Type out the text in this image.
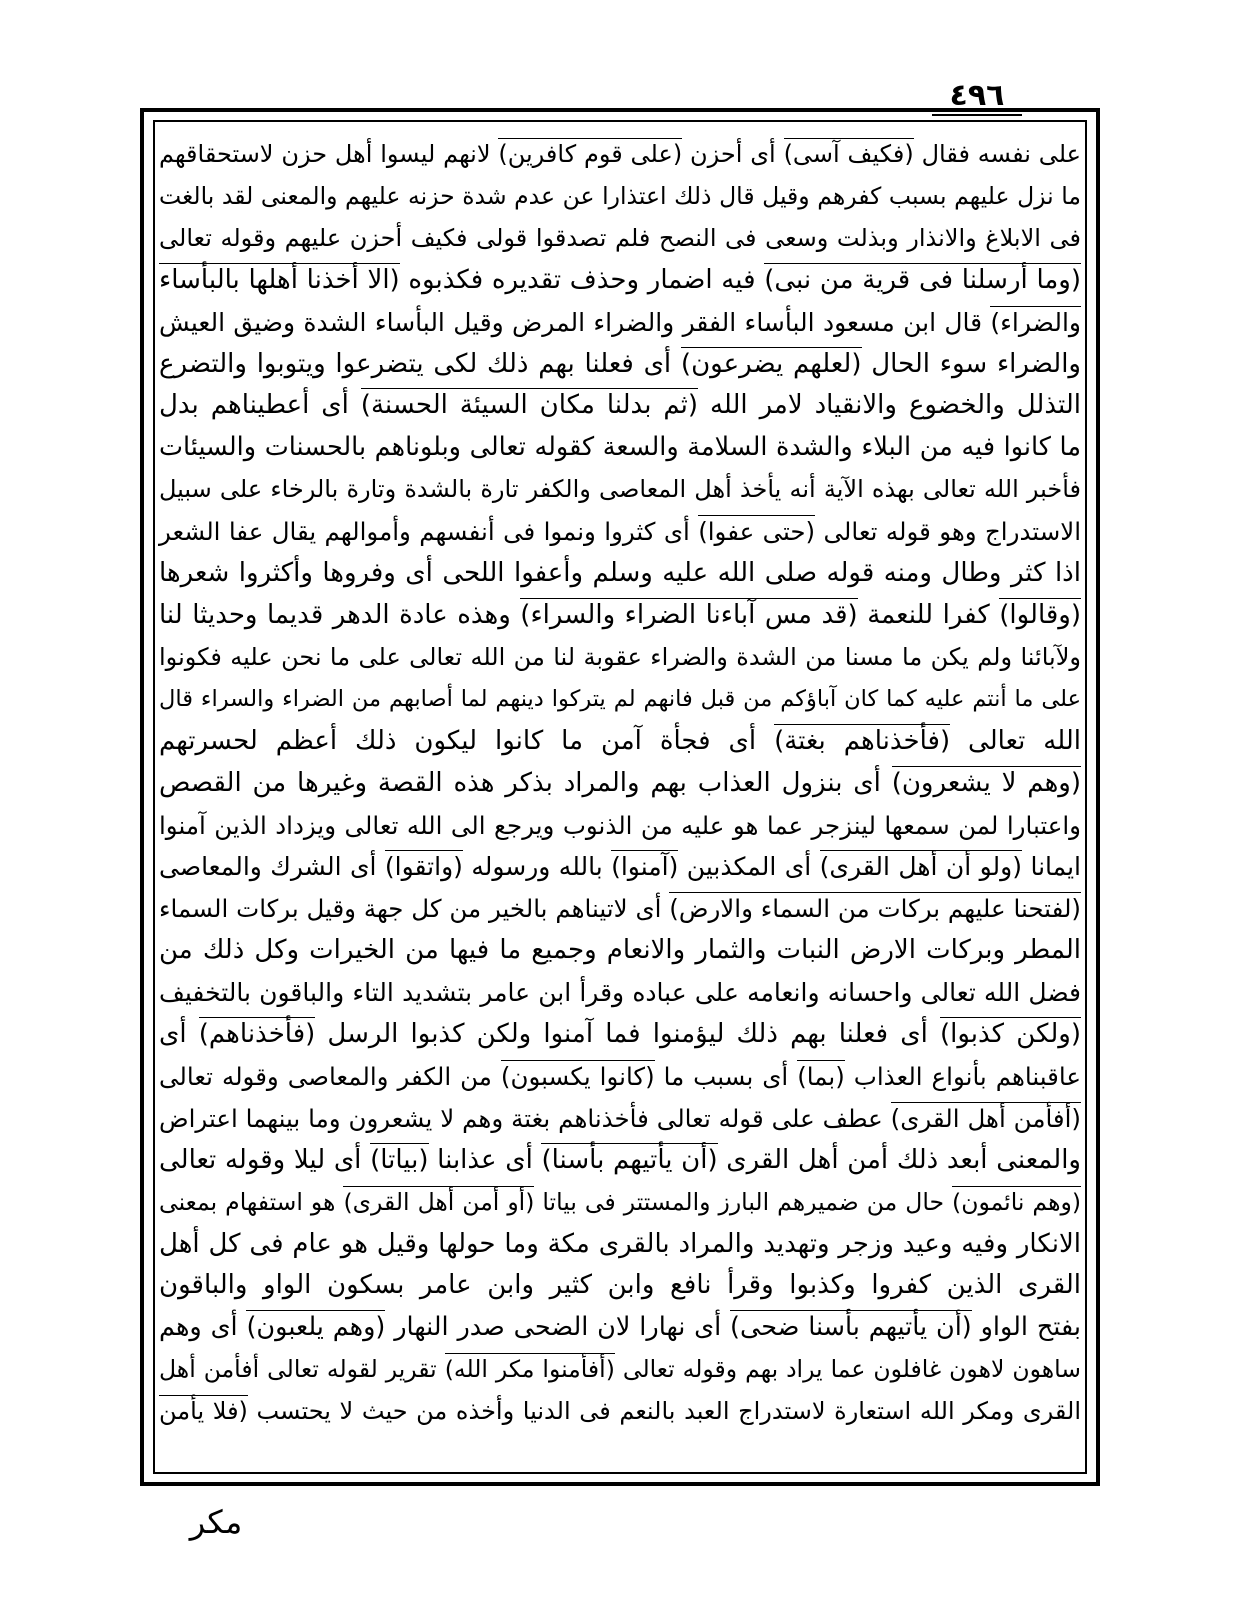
٤٩٦
على نفسه فقال (فكيف آسى) أى أحزن (على قوم كافرين) لانهم ليسوا أهل حزن لاستحقاقهم
ما نزل عليهم بسبب كفرهم وقيل قال ذلك اعتذارا عن عدم شدة حزنه عليهم والمعنى لقد بالغت
فى الابلاغ والانذار وبذلت وسعى فى النصح فلم تصدقوا قولى فكيف أحزن عليهم وقوله تعالى
(وما أرسلنا فى قرية من نبى) فيه اضمار وحذف تقديره فكذبوه (الا أخذنا أهلها بالبأساء
والضراء) قال ابن مسعود البأساء الفقر والضراء المرض وقيل البأساء الشدة وضيق العيش
والضراء سوء الحال (لعلهم يضرعون) أى فعلنا بهم ذلك لكى يتضرعوا ويتوبوا والتضرع
التذلل والخضوع والانقياد لامر الله (ثم بدلنا مكان السيئة الحسنة) أى أعطيناهم بدل
ما كانوا فيه من البلاء والشدة السلامة والسعة كقوله تعالى وبلوناهم بالحسنات والسيئات
فأخبر الله تعالى بهذه الآية أنه يأخذ أهل المعاصى والكفر تارة بالشدة وتارة بالرخاء على سبيل
الاستدراج وهو قوله تعالى (حتى عفوا) أى كثروا ونموا فى أنفسهم وأموالهم يقال عفا الشعر
اذا كثر وطال ومنه قوله صلى الله عليه وسلم وأعفوا اللحى أى وفروها وأكثروا شعرها
(وقالوا) كفرا للنعمة (قد مس آباءنا الضراء والسراء) وهذه عادة الدهر قديما وحديثا لنا
ولآبائنا ولم يكن ما مسنا من الشدة والضراء عقوبة لنا من الله تعالى على ما نحن عليه فكونوا
على ما أنتم عليه كما كان آباؤكم من قبل فانهم لم يتركوا دينهم لما أصابهم من الضراء والسراء قال
الله تعالى (فأخذناهم بغتة) أى فجأة آمن ما كانوا ليكون ذلك أعظم لحسرتهم
(وهم لا يشعرون) أى بنزول العذاب بهم والمراد بذكر هذه القصة وغيرها من القصص
واعتبارا لمن سمعها لينزجر عما هو عليه من الذنوب ويرجع الى الله تعالى ويزداد الذين آمنوا
ايمانا (ولو أن أهل القرى) أى المكذبين (آمنوا) بالله ورسوله (واتقوا) أى الشرك والمعاصى
(لفتحنا عليهم بركات من السماء والارض) أى لاتيناهم بالخير من كل جهة وقيل بركات السماء
المطر وبركات الارض النبات والثمار والانعام وجميع ما فيها من الخيرات وكل ذلك من
فضل الله تعالى واحسانه وانعامه على عباده وقرأ ابن عامر بتشديد التاء والباقون بالتخفيف
(ولكن كذبوا) أى فعلنا بهم ذلك ليؤمنوا فما آمنوا ولكن كذبوا الرسل (فأخذناهم) أى
عاقبناهم بأنواع العذاب (بما) أى بسبب ما (كانوا يكسبون) من الكفر والمعاصى وقوله تعالى
(أفأمن أهل القرى) عطف على قوله تعالى فأخذناهم بغتة وهم لا يشعرون وما بينهما اعتراض
والمعنى أبعد ذلك أمن أهل القرى (أن يأتيهم بأسنا) أى عذابنا (بياتا) أى ليلا وقوله تعالى
(وهم نائمون) حال من ضميرهم البارز والمستتر فى بياتا (أو أمن أهل القرى) هو استفهام بمعنى
الانكار وفيه وعيد وزجر وتهديد والمراد بالقرى مكة وما حولها وقيل هو عام فى كل أهل
القرى الذين كفروا وكذبوا وقرأ نافع وابن كثير وابن عامر بسكون الواو والباقون
بفتح الواو (أن يأتيهم بأسنا ضحى) أى نهارا لان الضحى صدر النهار (وهم يلعبون) أى وهم
ساهون لاهون غافلون عما يراد بهم وقوله تعالى (أفأمنوا مكر الله) تقرير لقوله تعالى أفأمن أهل
القرى ومكر الله استعارة لاستدراج العبد بالنعم فى الدنيا وأخذه من حيث لا يحتسب (فلا يأمن
مكر
